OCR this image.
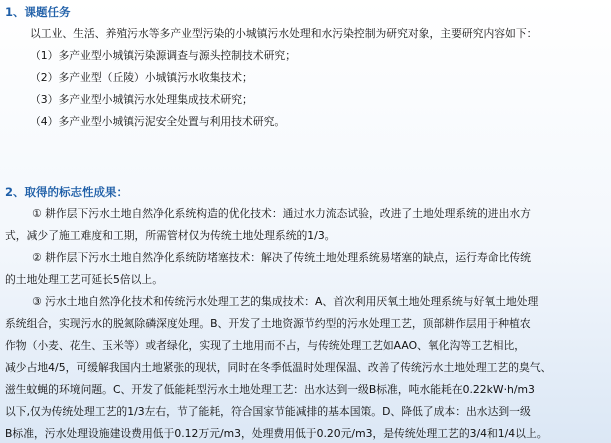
1、课题任务
以工业、生活、养殖污水等多产业型污染的小城镇污水处理和水污染控制为研究对象，主要研究内容如下：
（1）多产业型小城镇污染源调查与源头控制技术研究；
（2）多产业型（丘陵）小城镇污水收集技术；
（3）多产业型小城镇污水处理集成技术研究；
（4）多产业型小城镇污泥安全处置与利用技术研究。
2、取得的标志性成果：
① 耕作层下污水土地自然净化系统构造的优化技术：通过水力流态试验，改进了土地处理系统的进出水方
式，减少了施工难度和工期，所需管材仅为传统土地处理系统的1/3。
② 耕作层下污水土地自然净化系统防堵塞技术：解决了传统土地处理系统易堵塞的缺点，运行寿命比传统
的土地处理工艺可延长5倍以上。
③ 污水土地自然净化技术和传统污水处理工艺的集成技术：A、首次利用厌氧土地处理系统与好氧土地处理
系统组合，实现污水的脱氮除磷深度处理。B、开发了土地资源节约型的污水处理工艺，顶部耕作层用于种植农
作物（小麦、花生、玉米等）或者绿化，实现了土地用而不占，与传统处理工艺如AAO、氧化沟等工艺相比，
减少占地4/5，可缓解我国内土地紧张的现状，同时在冬季低温时处理保温、改善了传统污水土地处理工艺的臭气、
滋生蚊蝇的环境问题。C、开发了低能耗型污水土地处理工艺：出水达到一级B标准，吨水能耗在0.22kW·h/m3
以下,仅为传统处理工艺的1/3左右，节了能耗，符合国家节能减排的基本国策。D、降低了成本：出水达到一级
B标准，污水处理设施建设费用低于0.12万元/m3，处理费用低于0.20元/m3，是传统处理工艺的3/4和1/4以上。
